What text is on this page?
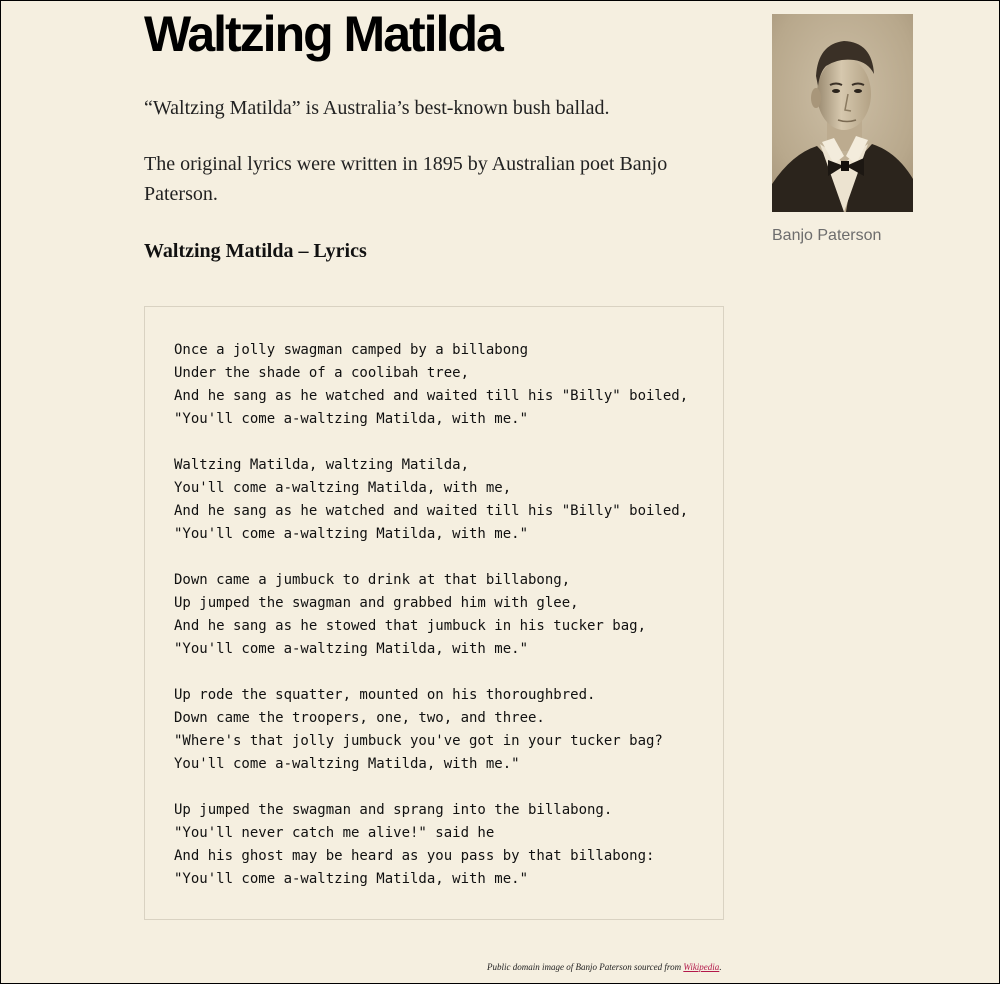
Waltzing Matilda

“Waltzing Matilda” is Australia’s best-known bush ballad.

The original lyrics were written in 1895 by Australian poet Banjo Paterson.

Waltzing Matilda – Lyrics
Once a jolly swagman camped by a billabong
Under the shade of a coolibah tree,
And he sang as he watched and waited till his "Billy" boiled,
"You'll come a-waltzing Matilda, with me."
Waltzing Matilda, waltzing Matilda,
You'll come a-waltzing Matilda, with me,
And he sang as he watched and waited till his "Billy" boiled,
"You'll come a-waltzing Matilda, with me."
Down came a jumbuck to drink at that billabong,
Up jumped the swagman and grabbed him with glee,
And he sang as he stowed that jumbuck in his tucker bag,
"You'll come a-waltzing Matilda, with me."
Up rode the squatter, mounted on his thoroughbred.
Down came the troopers, one, two, and three.
"Where's that jolly jumbuck you've got in your tucker bag?
You'll come a-waltzing Matilda, with me."
Up jumped the swagman and sprang into the billabong.
"You'll never catch me alive!" said he
And his ghost may be heard as you pass by that billabong:
"You'll come a-waltzing Matilda, with me."
Banjo Paterson
Public domain image of Banjo Paterson sourced from Wikipedia.
